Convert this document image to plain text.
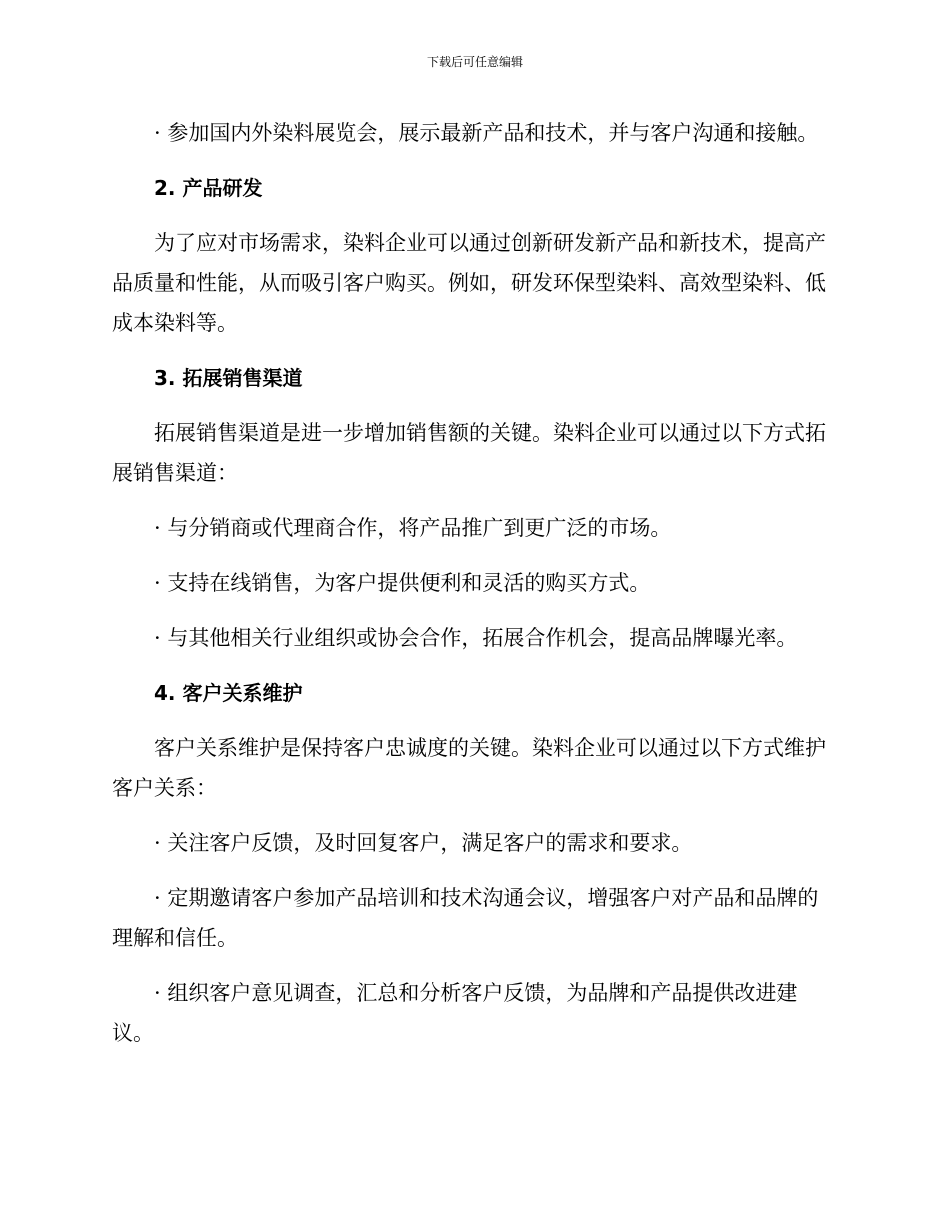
下载后可任意编辑

· 参加国内外染料展览会，展示最新产品和技术，并与客户沟通和接触。

2. 产品研发

为了应对市场需求，染料企业可以通过创新研发新产品和新技术，提高产品质量和性能，从而吸引客户购买。例如，研发环保型染料、高效型染料、低成本染料等。

3. 拓展销售渠道

拓展销售渠道是进一步增加销售额的关键。染料企业可以通过以下方式拓展销售渠道：

· 与分销商或代理商合作，将产品推广到更广泛的市场。

· 支持在线销售，为客户提供便利和灵活的购买方式。

· 与其他相关行业组织或协会合作，拓展合作机会，提高品牌曝光率。

4. 客户关系维护

客户关系维护是保持客户忠诚度的关键。染料企业可以通过以下方式维护客户关系：

· 关注客户反馈，及时回复客户，满足客户的需求和要求。

· 定期邀请客户参加产品培训和技术沟通会议，增强客户对产品和品牌的理解和信任。

· 组织客户意见调查，汇总和分析客户反馈，为品牌和产品提供改进建议。
